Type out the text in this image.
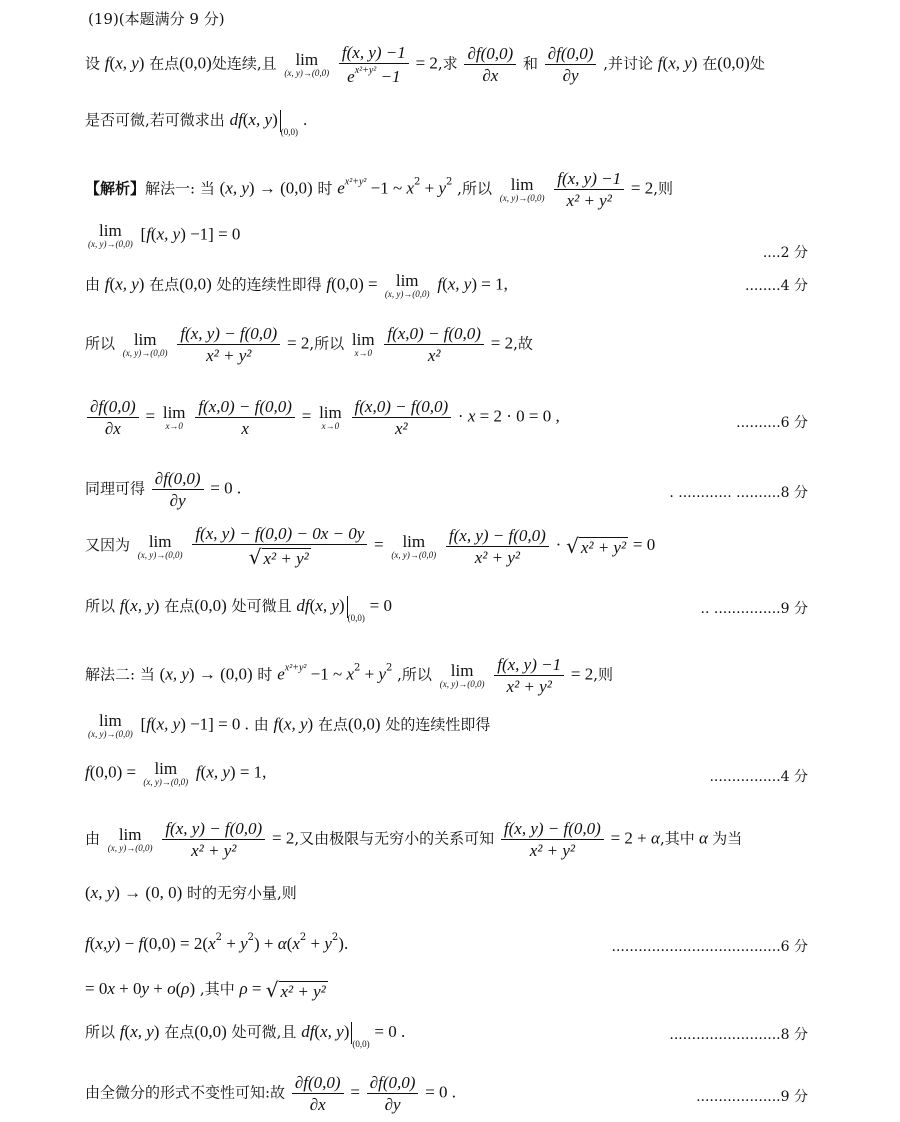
(19)(本题满分 9 分)
设 f(x, y) 在点(0,0)处连续,且 lim
(x, y)→(0,0)
$\frac{f(x, y) -1}{e^{x^2+y^2} -1} = 2$,求 $\frac{\partial f(0,0)}{\partial x}$ 和 $\frac{\partial f(0,0)}{\partial y}$ ,并讨论 f(x, y) 在(0,0)处
是否可微,若可微求出 df(x, $y)_{(0,0)}$ .
【解析】解法一: 当 (x, y) → (0,0) 时 $e^{x^2+y^2} -1$ ~ $x^2 + y^2$ ,所以 lim
(x, y)→(0,0)
$\frac{f(x, y) -1}{\text{x² + y²}} = 2$,则
lim
(x, y)→(0,0)
[f(x, y) −1] = 0
....2 分
由 f(x, y) 在点(0,0) 处的连续性即得 f(0,0) = lim
(x, y)→(0,0)
f(x, y) = 1,	........4 分
所以 lim
(x, y)→(0,0)
$\frac{f(x, y) - f(0,0)}{\text{x² + y²}} = 2$,所以 lim
x→0
$\frac{f(x,0) - f(0,0)}{\text{x²}} = 2$,故
$\frac{\partial f(0,0)}{\partial x} = \lim$
x→0
$\frac{f(x,0) - f(0,0)}{x} = \lim$
x→0
$\frac{f(x,0) - f(0,0)}{\text{x²}} \cdot x = 2 \cdot 0 = 0$ ,	..........6 分
同理可得 $\frac{\partial f(0,0)}{\partial y} = 0$ .	. ............ ..........8 分
又因为 lim
(x, y)→(0,0)
$\frac{f(x, y) - f(0,0) - 0x - 0y}{\text{√ x² + y²}} = \lim$
(x, y)→(0,0)
$\frac{f(x, y) - f(0,0)}{\text{x² + y²}}$ · √ x² + y² = 0
所以 f(x, y) 在点(0,0) 处可微且 df(x, $y)_{(0,0)} = 0$	.. ...............9 分
解法二: 当 (x, y) → (0,0) 时 $e^{x^2+y^2} -1$ ~ $x^2 + y^2$ ,所以 lim
(x, y)→(0,0)
$\frac{f(x, y) -1}{\text{x² + y²}} = 2$,则
lim
(x, y)→(0,0)
[f(x, y) −1] = 0 . 由 f(x, y) 在点(0,0) 处的连续性即得
f(0,0) = lim
(x, y)→(0,0)
f(x, y) = 1,	................4 分
由 lim
(x, y)→(0,0)
$\frac{f(x, y) - f(0,0)}{\text{x² + y²}} = 2$,又由极限与无穷小的关系可知 $\frac{f(x, y) - f(0,0)}{\text{x² + y²}} = 2 + \alpha$,其中 α 为当
(x, y) → (0, 0) 时的无穷小量,则
$f(x,y) - f(0,0) = 2(x^2 + y^2) + \alpha(x^2 + y^2)$.	......................................6 分
= 0x + 0y + o(ρ) ,其中 ρ = √ x² + y²
所以 f(x, y) 在点(0,0) 处可微,且 df(x, $y)_{(0,0)} = 0$ .	.........................8 分
由全微分的形式不变性可知:故 $\frac{\partial f(0,0)}{\partial x} = \frac{\partial f(0,0)}{\partial y} = 0$ .	...................9 分
